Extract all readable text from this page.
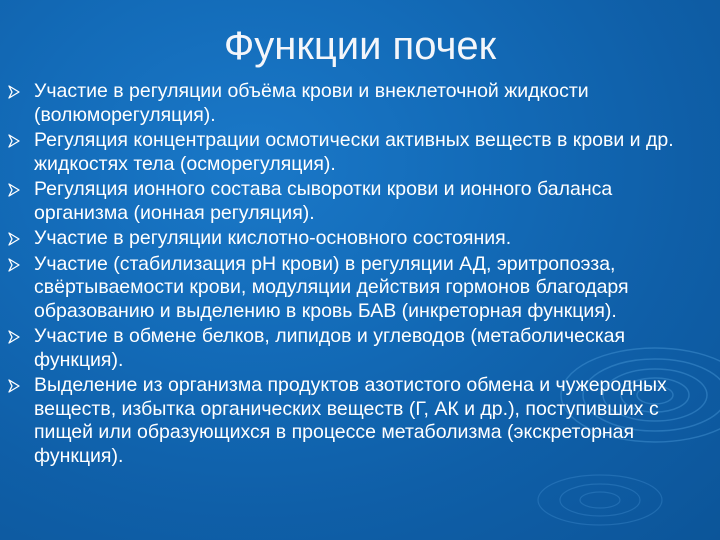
Функции почек
Участие в регуляции объёма крови и внеклеточной жидкости (волюморегуляция).
Регуляция концентрации осмотически активных веществ в крови и др. жидкостях тела (осморегуляция).
Регуляция ионного состава сыворотки крови и ионного баланса организма (ионная регуляция).
Участие в регуляции кислотно-основного состояния.
Участие (стабилизация рН крови) в регуляции АД, эритропоэза, свёртываемости крови, модуляции действия гормонов благодаря образованию и выделению в кровь БАВ (инкреторная функция).
Участие в обмене белков, липидов и углеводов (метаболическая функция).
Выделение из организма продуктов азотистого обмена и чужеродных веществ, избытка органических веществ (Г, АК и др.), поступивших с пищей или образующихся в процессе метаболизма (экскреторная функция).
